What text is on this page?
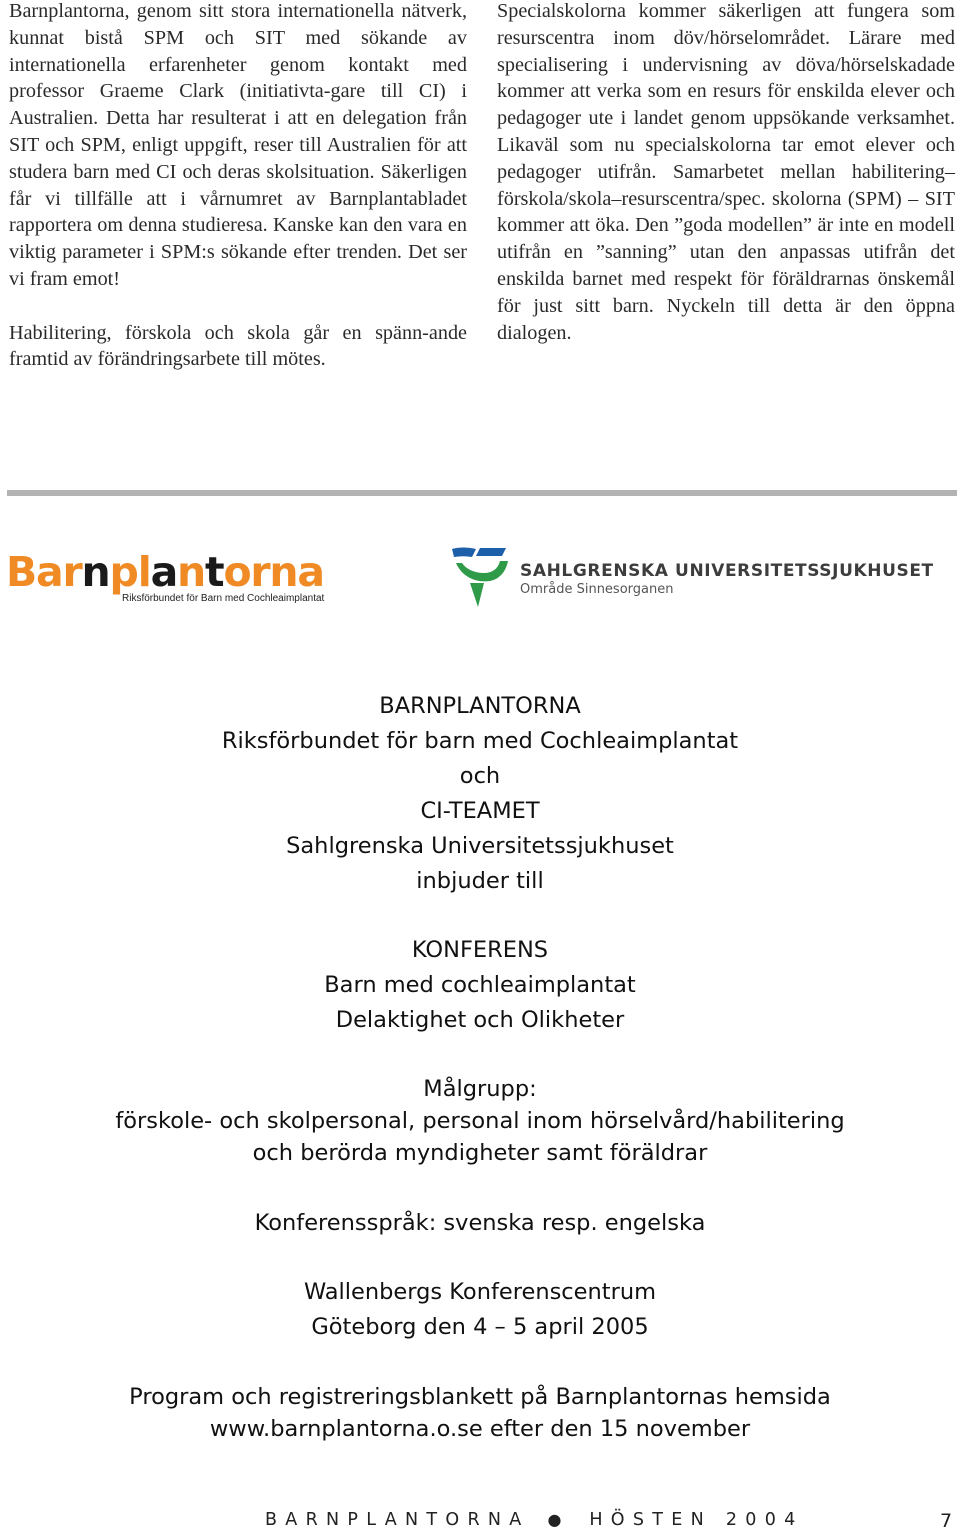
Barnplantorna, genom sitt stora internationella nätverk, kunnat bistå SPM och SIT med sökande av internationella erfarenheter genom kontakt med professor Graeme Clark (initiativta-gare till CI) i Australien. Detta har resulterat i att en delegation från SIT och SPM, enligt uppgift, reser till Australien för att studera barn med CI och deras skolsituation. Säkerligen får vi tillfälle att i vårnumret av Barnplantabladet rapportera om denna studieresa. Kanske kan den vara en viktig parameter i SPM:s sökande efter trenden. Det ser vi fram emot!

Habilitering, förskola och skola går en spänn-ande framtid av förändringsarbete till mötes.

Specialskolorna kommer säkerligen att fungera som resurscentra inom döv/hörselområdet. Lärare med specialisering i undervisning av döva/hörselskadade kommer att verka som en resurs för enskilda elever och pedagoger ute i landet genom uppsökande verksamhet. Likaväl som nu specialskolorna tar emot elever och pedagoger utifrån. Samarbetet mellan habilitering–förskola/skola–resurscentra/spec. skolorna (SPM) – SIT kommer att öka. Den ”goda modellen” är inte en modell utifrån en ”sanning” utan den anpassas utifrån det enskilda barnet med respekt för föräldrarnas önskemål för just sitt barn. Nyckeln till detta är den öppna dialogen.

Barnplantorna
Riksförbundet för Barn med Cochleaimplantat
SAHLGRENSKA UNIVERSITETSSJUKHUSET
Område Sinnesorganen

BARNPLANTORNA

Riksförbundet för barn med Cochleaimplantat

och

CI-TEAMET

Sahlgrenska Universitetssjukhuset

inbjuder till

KONFERENS

Barn med cochleaimplantat

Delaktighet och Olikheter

Målgrupp:

förskole- och skolpersonal, personal inom hörselvård/habilitering

och berörda myndigheter samt föräldrar

Konferensspråk: svenska resp. engelska

Wallenbergs Konferenscentrum

Göteborg den 4 – 5 april 2005

Program och registreringsblankett på Barnplantornas hemsida

www.barnplantorna.o.se efter den 15 november

BARNPLANTORNA ● HÖSTEN 2004	7
